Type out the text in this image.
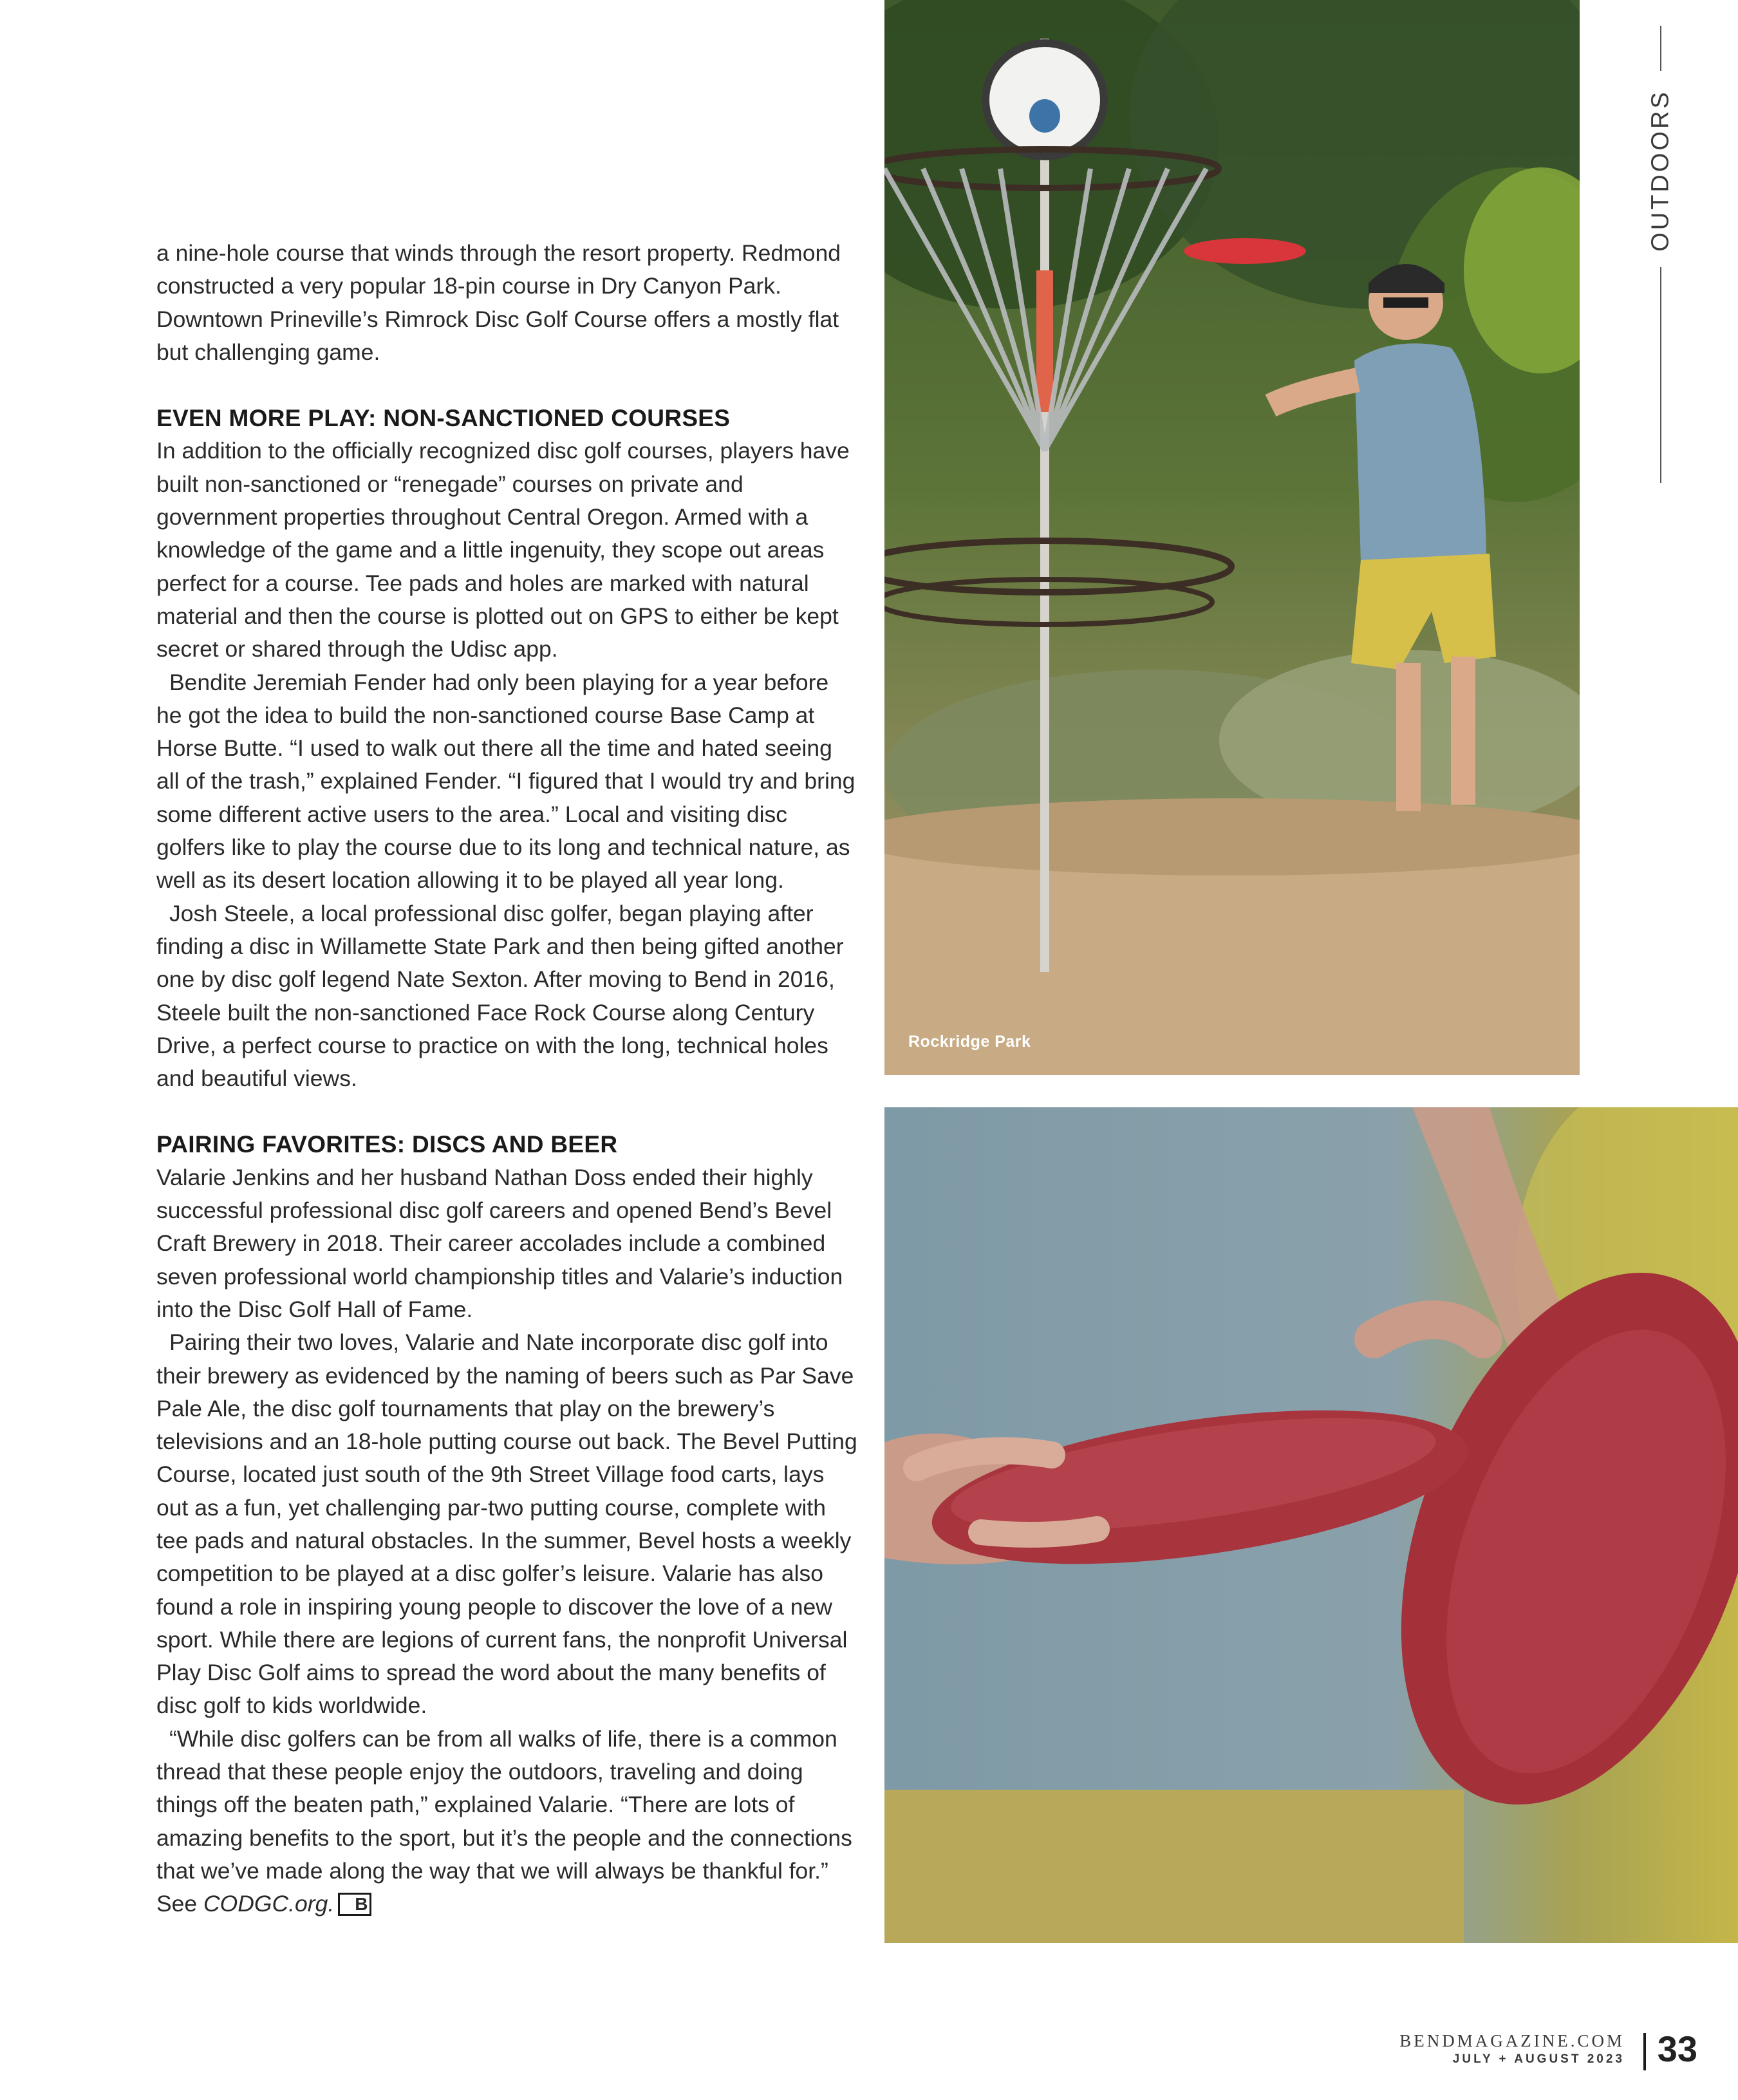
a nine-hole course that winds through the resort property. Redmond constructed a very popular 18-pin course in Dry Canyon Park. Downtown Prineville’s Rimrock Disc Golf Course offers a mostly flat but challenging game.

EVEN MORE PLAY: NON-SANCTIONED COURSES

In addition to the officially recognized disc golf courses, players have built non-sanctioned or “renegade” courses on private and government properties throughout Central Oregon. Armed with a knowledge of the game and a little ingenuity, they scope out areas perfect for a course. Tee pads and holes are marked with natural material and then the course is plotted out on GPS to either be kept secret or shared through the Udisc app.

Bendite Jeremiah Fender had only been playing for a year before he got the idea to build the non-sanctioned course Base Camp at Horse Butte. “I used to walk out there all the time and hated seeing all of the trash,” explained Fender. “I figured that I would try and bring some different active users to the area.” Local and visiting disc golfers like to play the course due to its long and technical nature, as well as its desert location allowing it to be played all year long.

Josh Steele, a local professional disc golfer, began playing after finding a disc in Willamette State Park and then being gifted another one by disc golf legend Nate Sexton. After moving to Bend in 2016, Steele built the non-sanctioned Face Rock Course along Century Drive, a perfect course to practice on with the long, technical holes and beautiful views.

PAIRING FAVORITES: DISCS AND BEER

Valarie Jenkins and her husband Nathan Doss ended their highly successful professional disc golf careers and opened Bend’s Bevel Craft Brewery in 2018. Their career accolades include a combined seven professional world championship titles and Valarie’s induction into the Disc Golf Hall of Fame.

Pairing their two loves, Valarie and Nate incorporate disc golf into their brewery as evidenced by the naming of beers such as Par Save Pale Ale, the disc golf tournaments that play on the brewery’s televisions and an 18-hole putting course out back. The Bevel Putting Course, located just south of the 9th Street Village food carts, lays out as a fun, yet challenging par-two putting course, complete with tee pads and natural obstacles. In the summer, Bevel hosts a weekly competition to be played at a disc golfer’s leisure. Valarie has also found a role in inspiring young people to discover the love of a new sport. While there are legions of current fans, the nonprofit Universal Play Disc Golf aims to spread the word about the many benefits of disc golf to kids worldwide.

“While disc golfers can be from all walks of life, there is a common thread that these people enjoy the outdoors, traveling and doing things off the beaten path,” explained Valarie. “There are lots of amazing benefits to the sport, but it’s the people and the connections that we’ve made along the way that we will always be thankful for.” See CODGC.org. B

Rockridge Park
OUTDOORS
BENDMAGAZINE.COM
JULY + AUGUST 2023 33
